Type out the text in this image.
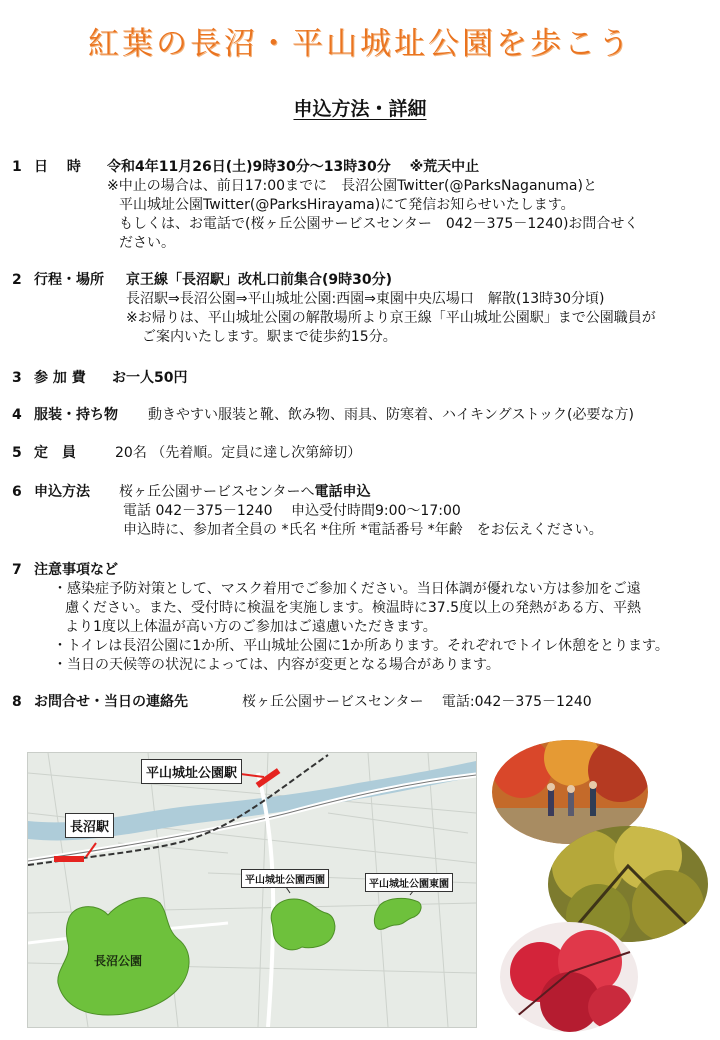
紅葉の長沼・平山城址公園を歩こう
申込方法・詳細
1 日　 時 令和4年11月26日(土)9時30分～13時30分　 ※荒天中止
※中止の場合は、前日17:00までに　長沼公園Twitter(@ParksNaganuma)と
平山城址公園Twitter(@ParksHirayama)にて発信お知らせいたします。
もしくは、お電話で(桜ヶ丘公園サービスセンター　042－375－1240)お問合せく
ださい。
2 行程・場所 京王線「長沼駅」改札口前集合(9時30分)
長沼駅⇒長沼公園⇒平山城址公園:西園⇒東園中央広場口　解散(13時30分頃)
※お帰りは、平山城址公園の解散場所より京王線「平山城址公園駅」まで公園職員が
ご案内いたします。駅まで徒歩約15分。
3 参 加 費 お一人50円
4 服装・持ち物 動きやすい服装と靴、飲み物、雨具、防寒着、ハイキングストック(必要な方)
5 定　員	20名 （先着順。定員に達し次第締切）
6 申込方法 桜ヶ丘公園サービスセンターへ電話申込
電話 042－375－1240　 申込受付時間9:00～17:00
申込時に、参加者全員の *氏名 *住所 *電話番号 *年齢　をお伝えください。
7 注意事項など
・感染症予防対策として、マスク着用でご参加ください。当日体調が優れない方は参加をご遠
慮ください。また、受付時に検温を実施します。検温時に37.5度以上の発熱がある方、平熱
より1度以上体温が高い方のご参加はご遠慮いただきます。
・トイレは長沼公園に1か所、平山城址公園に1か所あります。それぞれでトイレ休憩をとります。
・当日の天候等の状況によっては、内容が変更となる場合があります。
8 お問合せ・当日の連絡先	桜ヶ丘公園サービスセンター　 電話:042－375－1240
平山城址公園駅
長沼駅
平山城址公園西園	平山城址公園東園
長沼公園
